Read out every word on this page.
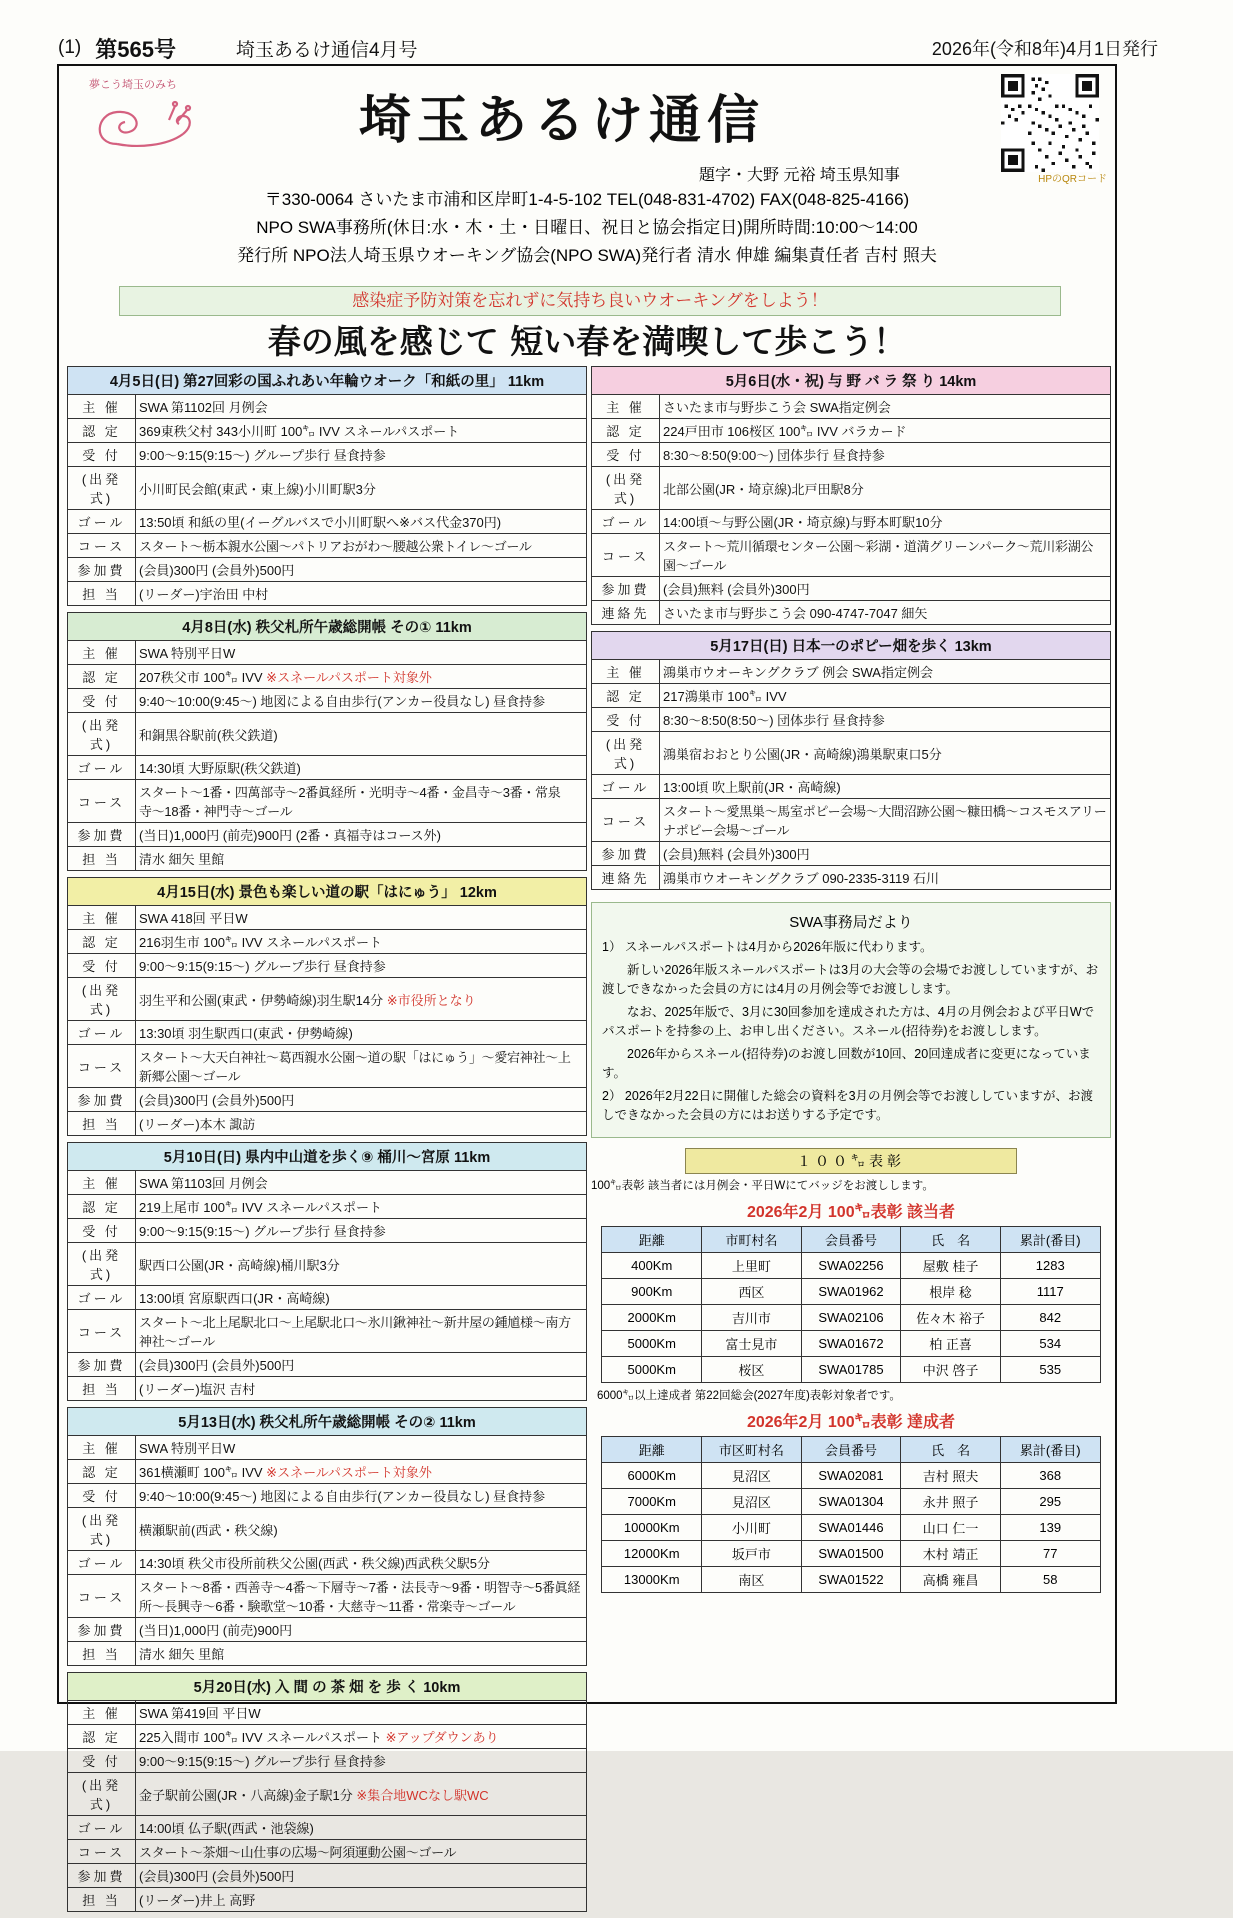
(1) 第565号	埼玉あるけ通信4月号	2026年(令和8年)4月1日発行
夢こう埼玉のみち
埼玉あるけ通信
HPのQRコード
題字・大野 元裕 埼玉県知事
〒330-0064 さいたま市浦和区岸町1-4-5-102 TEL(048-831-4702) FAX(048-825-4166)
NPO SWA事務所(休日:水・木・土・日曜日、祝日と協会指定日)開所時間:10:00〜14:00
発行所 NPO法人埼玉県ウオーキング協会(NPO SWA)発行者 清水 伸雄 編集責任者 吉村 照夫
感染症予防対策を忘れずに気持ち良いウオーキングをしよう！
春の風を感じて 短い春を満喫して歩こう！
4月5日(日) 第27回彩の国ふれあい年輪ウオーク「和紙の里」 11km	
主 催	SWA 第1102回 月例会
認 定	369東秩父村 343小川町 100㌔ IVV スネールパスポート
受 付	9:00〜9:15(9:15〜) グループ歩行 昼食持参
(出発式)	小川町民会館(東武・東上線)小川町駅3分
ゴール	13:50頃 和紙の里(イーグルバスで小川町駅へ※バス代金370円)
コース	スタート〜栃本親水公園〜パトリアおがわ〜腰越公衆トイレ〜ゴール
参加費	(会員)300円 (会員外)500円
担 当	(リーダー)宇治田 中村
4月8日(水) 秩父札所午歳総開帳 その① 11km	
主 催	SWA 特別平日W
認 定	207秩父市 100㌔ IVV ※スネールパスポート対象外
受 付	9:40〜10:00(9:45〜) 地図による自由歩行(アンカー役員なし) 昼食持参
(出発式)	和銅黒谷駅前(秩父鉄道)
ゴール	14:30頃 大野原駅(秩父鉄道)
コース	スタート〜1番・四萬部寺〜2番眞経所・光明寺〜4番・金昌寺〜3番・常泉寺〜18番・神門寺〜ゴール
参加費	(当日)1,000円 (前売)900円 (2番・真福寺はコース外)
担 当	清水 細矢 里館
4月15日(水) 景色も楽しい道の駅「はにゅう」 12km	
主 催	SWA 418回 平日W
認 定	216羽生市 100㌔ IVV スネールパスポート
受 付	9:00〜9:15(9:15〜) グループ歩行 昼食持参
(出発式)	羽生平和公園(東武・伊勢崎線)羽生駅14分 ※市役所となり
ゴール	13:30頃 羽生駅西口(東武・伊勢崎線)
コース	スタート〜大天白神社〜葛西親水公園〜道の駅「はにゅう」〜愛宕神社〜上新郷公園〜ゴール
参加費	(会員)300円 (会員外)500円
担 当	(リーダー)本木 諏訪
5月10日(日) 県内中山道を歩く⑨ 桶川〜宮原 11km	
主 催	SWA 第1103回 月例会
認 定	219上尾市 100㌔ IVV スネールパスポート
受 付	9:00〜9:15(9:15〜) グループ歩行 昼食持参
(出発式)	駅西口公園(JR・高崎線)桶川駅3分
ゴール	13:00頃 宮原駅西口(JR・高崎線)
コース	スタート〜北上尾駅北口〜上尾駅北口〜氷川鍬神社〜新井屋の鍾馗様〜南方神社〜ゴール
参加費	(会員)300円 (会員外)500円
担 当	(リーダー)塩沢 吉村
5月13日(水) 秩父札所午歳総開帳 その② 11km	
主 催	SWA 特別平日W
認 定	361横瀬町 100㌔ IVV ※スネールパスポート対象外
受 付	9:40〜10:00(9:45〜) 地図による自由歩行(アンカー役員なし) 昼食持参
(出発式)	横瀬駅前(西武・秩父線)
ゴール	14:30頃 秩父市役所前秩父公園(西武・秩父線)西武秩父駅5分
コース	スタート〜8番・西善寺〜4番〜下層寺〜7番・法長寺〜9番・明智寺〜5番眞経所〜長興寺〜6番・験歌堂〜10番・大慈寺〜11番・常楽寺〜ゴール
参加費	(当日)1,000円 (前売)900円
担 当	清水 細矢 里館
5月20日(水) 入 間 の 茶 畑 を 歩 く 10km	
主 催	SWA 第419回 平日W
認 定	225入間市 100㌔ IVV スネールパスポート ※アップダウンあり
受 付	9:00〜9:15(9:15〜) グループ歩行 昼食持参
(出発式)	金子駅前公園(JR・八高線)金子駅1分 ※集合地WCなし駅WC
ゴール	14:00頃 仏子駅(西武・池袋線)
コース	スタート〜茶畑〜山仕事の広場〜阿須運動公園〜ゴール
参加費	(会員)300円 (会員外)500円
担 当	(リーダー)井上 高野
5月6日(水・祝) 与 野 バ ラ 祭 り 14km	
主 催	さいたま市与野歩こう会 SWA指定例会
認 定	224戸田市 106桜区 100㌔ IVV バラカード
受 付	8:30〜8:50(9:00〜) 団体歩行 昼食持参
(出発式)	北部公園(JR・埼京線)北戸田駅8分
ゴール	14:00頃〜与野公園(JR・埼京線)与野本町駅10分
コース	スタート〜荒川循環センター公園〜彩湖・道満グリーンパーク〜荒川彩湖公園〜ゴール
参加費	(会員)無料 (会員外)300円
連絡先	さいたま市与野歩こう会 090-4747-7047 細矢
5月17日(日) 日本一のポピー畑を歩く 13km	
主 催	鴻巣市ウオーキングクラブ 例会 SWA指定例会
認 定	217鴻巣市 100㌔ IVV
受 付	8:30〜8:50(8:50〜) 団体歩行 昼食持参
(出発式)	鴻巣宿おおとり公園(JR・高崎線)鴻巣駅東口5分
ゴール	13:00頃 吹上駅前(JR・高崎線)
コース	スタート〜愛黒巣〜馬室ポピー会場〜大間沼跡公園〜糠田橋〜コスモスアリーナポピー会場〜ゴール
参加費	(会員)無料 (会員外)300円
連絡先	鴻巣市ウオーキングクラブ 090-2335-3119 石川
SWA事務局だより

1） スネールパスポートは4月から2026年版に代わります。

　　新しい2026年版スネールパスポートは3月の大会等の会場でお渡ししていますが、お渡しできなかった会員の方には4月の月例会等でお渡しします。

　　なお、2025年版で、3月に30回参加を達成された方は、4月の月例会および平日Wでパスポートを持参の上、お申し出ください。スネール(招待券)をお渡しします。

　　2026年からスネール(招待券)のお渡し回数が10回、20回達成者に変更になっています。

2） 2026年2月22日に開催した総会の資料を3月の月例会等でお渡ししていますが、お渡しできなかった会員の方にはお送りする予定です。

１００㌔表彰
100㌔表彰 該当者には月例会・平日Wにてバッジをお渡しします。
2026年2月 100㌔表彰 該当者
距離	市町村名	会員番号	氏　名	累計(番目)
400Km	上里町	SWA02256	屋敷 桂子	1283
900Km	西区	SWA01962	根岸 稔	1117
2000Km	吉川市	SWA02106	佐々木 裕子	842
5000Km	富士見市	SWA01672	柏 正喜	534
5000Km	桜区	SWA01785	中沢 啓子	535
6000㌔以上達成者 第22回総会(2027年度)表彰対象者です。
2026年2月 100㌔表彰 達成者
距離	市区町村名	会員番号	氏　名	累計(番目)
6000Km	見沼区	SWA02081	吉村 照夫	368
7000Km	見沼区	SWA01304	永井 照子	295
10000Km	小川町	SWA01446	山口 仁一	139
12000Km	坂戸市	SWA01500	木村 靖正	77
13000Km	南区	SWA01522	高橋 雍昌	58
